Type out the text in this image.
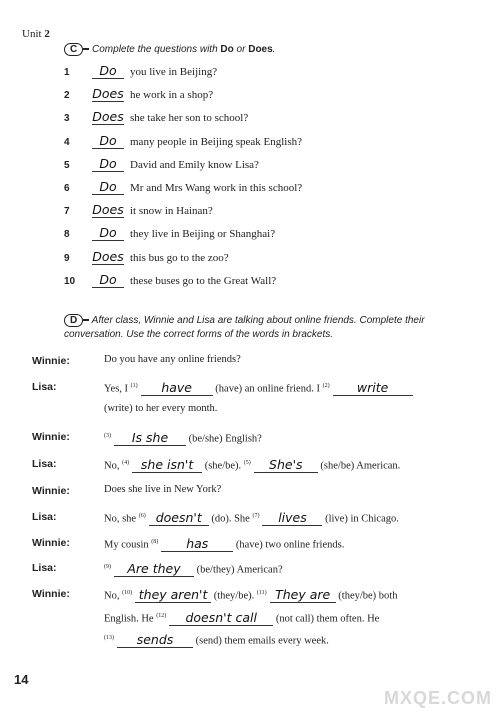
Unit 2
C Complete the questions with Do or Does.
1 Do you live in Beijing?
2 Does he work in a shop?
3 Does she take her son to school?
4 Do many people in Beijing speak English?
5 Do David and Emily know Lisa?
6 Do Mr and Mrs Wang work in this school?
7 Does it snow in Hainan?
8 Do they live in Beijing or Shanghai?
9 Does this bus go to the zoo?
10 Do these buses go to the Great Wall?
D After class, Winnie and Lisa are talking about online friends. Complete their conversation. Use the correct forms of the words in brackets.
Winnie:	Do you have any online friends?
Lisa:	Yes, I $^{(1)}$ have (have) an online friend. I $^{(2)}$ write
(write) to her every month.
Winnie:	$^{(3)}$ Is she (be/she) English?
Lisa:	No, $^{(4)}$ she isn't (she/be). $^{(5)}$ She's (she/be) American.
Winnie:	Does she live in New York?
Lisa:	No, she $^{(6)}$ doesn't (do). She $^{(7)}$ lives (live) in Chicago.
Winnie:	My cousin $^{(8)}$ has	(have) two online friends.
Lisa:	$^{(9)}$ Are they (be/they) American?
Winnie:	No, $^{(10)}$ they aren't (they/be). $^{(11)}$ They are (they/be) both
English. He $^{(12)}$ doesn't call (not call) them often. He
$^{(13)}$ sends (send) them emails every week.
14
MXQE.COM
